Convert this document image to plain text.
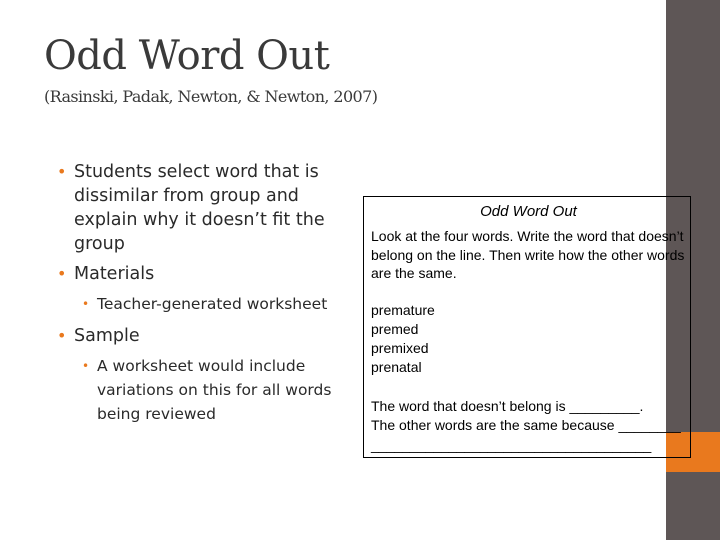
Odd Word Out

(Rasinski, Padak, Newton, & Newton, 2007)

• Students select word that is dissimilar from group and explain why it doesn’t fit the group
• Materials
• Teacher-generated worksheet
• Sample
• A worksheet would include variations on this for all words being reviewed

Odd Word Out

Look at the four words. Write the word that doesn’t belong on the line. Then write how the other words are the same.

premature
premed
premixed
prenatal
The word that doesn’t belong is _________.
The other words are the same because ____________________________________________
